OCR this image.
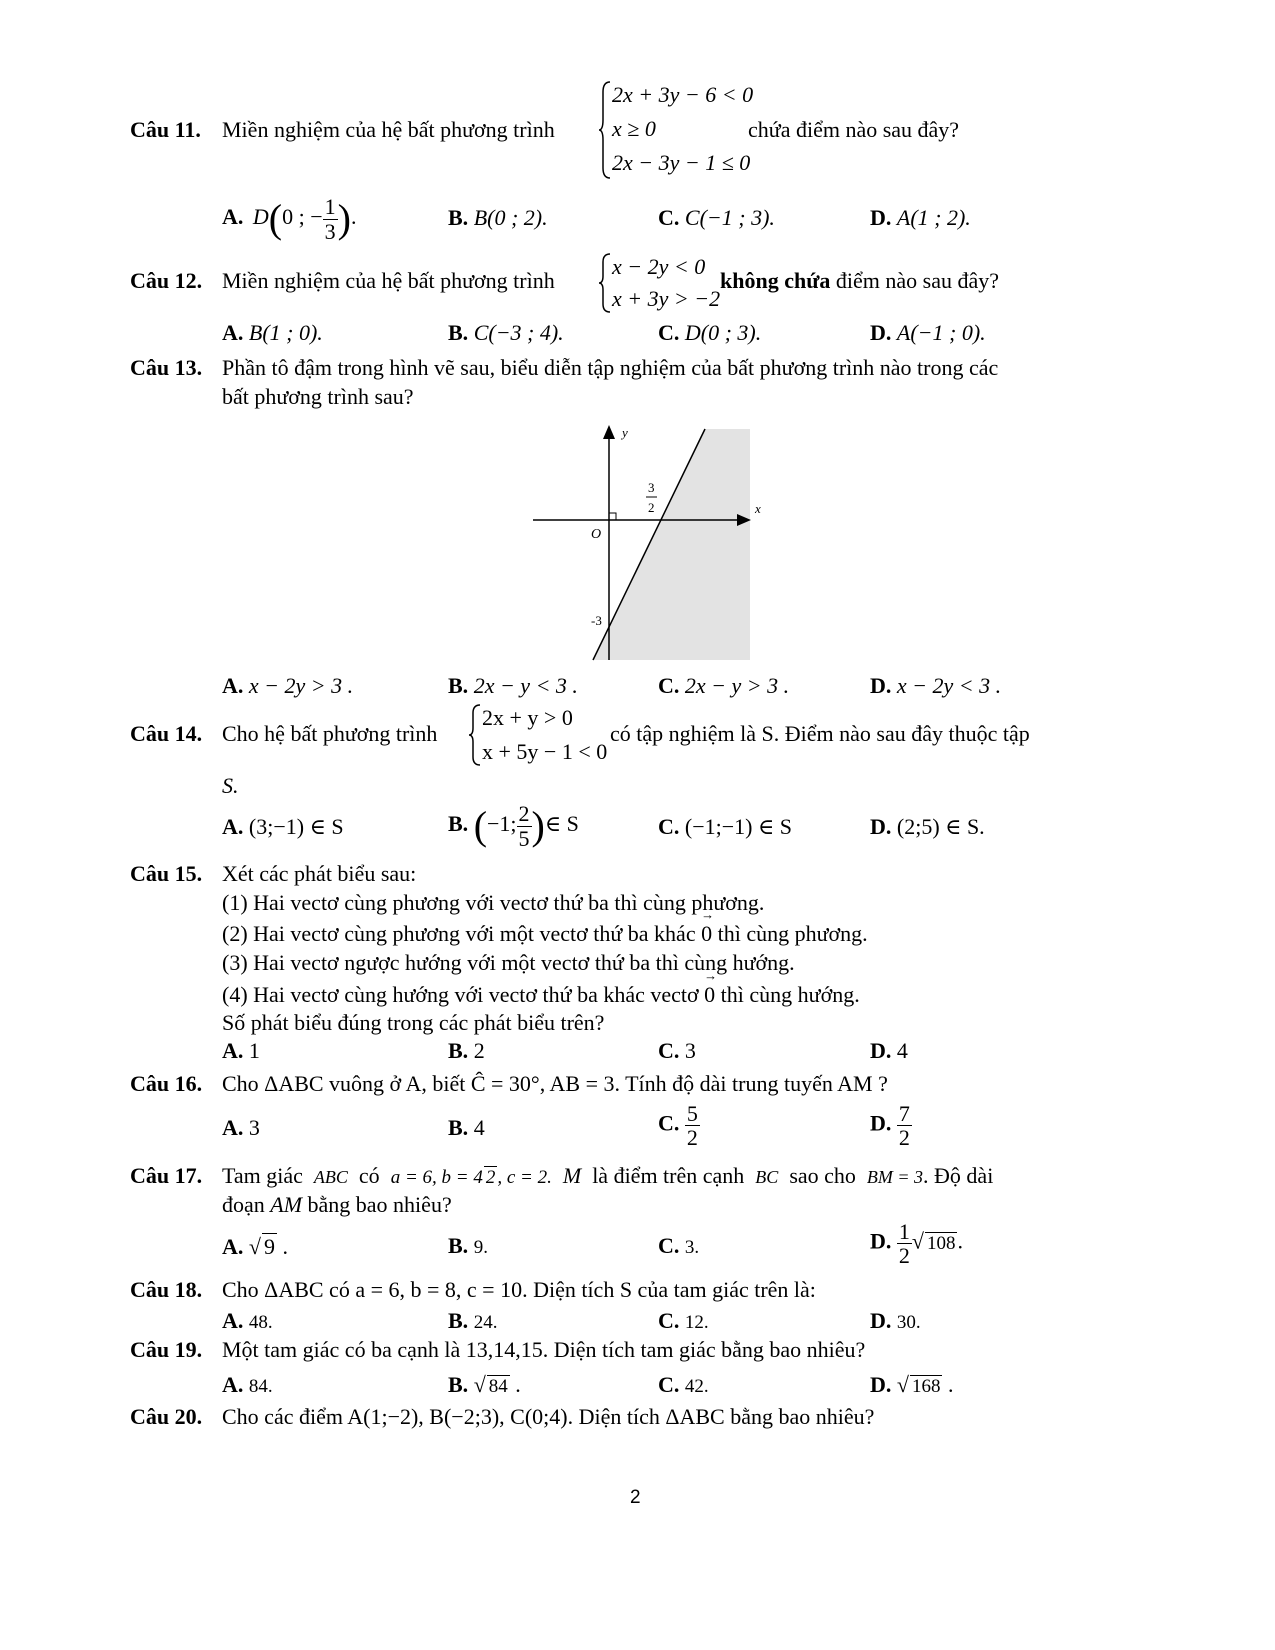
Câu 11. Miền nghiệm của hệ bất phương trình
2x + 3y − 6 < 0
x ≥ 0
2x − 3y − 1 ≤ 0
chứa điểm nào sau đây?
A. D(0 ; − $\frac{1}{3}$ ).	B. B(0 ; 2).	C. C(−1 ; 3).	D. A(1 ; 2).
Câu 12. Miền nghiệm của hệ bất phương trình
x − 2y < 0
x + 3y > −2
không chứa điểm nào sau đây?
A. B(1 ; 0).	B. C(−3 ; 4).	C. D(0 ; 3).	D. A(−1 ; 0).
Câu 13. Phần tô đậm trong hình vẽ sau, biểu diễn tập nghiệm của bất phương trình nào trong các
bất phương trình sau?
y
x
O
3
2
-3
A. x − 2y > 3 .	B. 2x − y < 3 .	C. 2x − y > 3 .	D. x − 2y < 3 .
Câu 14. Cho hệ bất phương trình
2x + y > 0
x + 5y − 1 < 0
có tập nghiệm là S. Điểm nào sau đây thuộc tập
S.
A. (3;−1) ∈ S	B. (−1; $\frac{2}{5}$ )∈ S	C. (−1;−1) ∈ S	D. (2;5) ∈ S.
Câu 15. Xét các phát biểu sau:
(1) Hai vectơ cùng phương với vectơ thứ ba thì cùng phương.
(2) Hai vectơ cùng phương với một vectơ thứ ba khác → 0 thì cùng phương.
(3) Hai vectơ ngược hướng với một vectơ thứ ba thì cùng hướng.
(4) Hai vectơ cùng hướng với vectơ thứ ba khác vectơ → 0 thì cùng hướng.
Số phát biểu đúng trong các phát biểu trên?
A. 1	B. 2	C. 3	D. 4
Câu 16. Cho ΔABC vuông ở A, biết Ĉ = 30°, AB = 3. Tính độ dài trung tuyến AM ?
A. 3	B. 4	C. $\frac{5}{2}$	D. $\frac{7}{2}$
Câu 17. Tam giác ABC có a = 6, b = 4 2 , c = 2. M là điểm trên cạnh BC sao cho BM = 3. Độ dài
đoạn AM bằng bao nhiêu?
A. √ 9 .	B. 9.	C. 3.	D. $\frac{1}{2}$ √ 108.
Câu 18. Cho ΔABC có a = 6, b = 8, c = 10. Diện tích S của tam giác trên là:
A. 48.	B. 24.	C. 12.	D. 30.
Câu 19. Một tam giác có ba cạnh là 13,14,15. Diện tích tam giác bằng bao nhiêu?
A. 84.	B. √ 84 .	C. 42.	D. √ 168 .
Câu 20. Cho các điểm A(1;−2), B(−2;3), C(0;4). Diện tích ΔABC bằng bao nhiêu?
2
